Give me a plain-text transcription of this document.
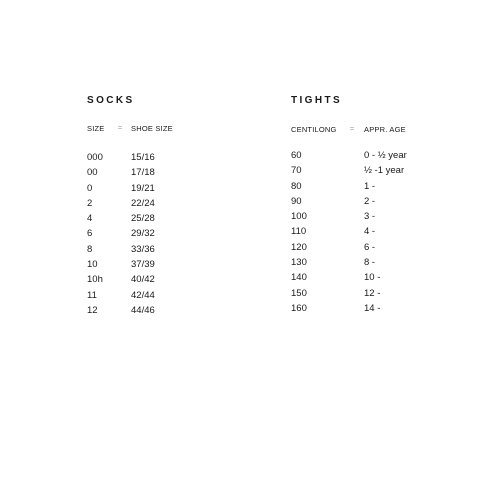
SOCKS
SIZE = SHOE SIZE
000	15/16
00	17/18
0	19/21
2	22/24
4	25/28
6	29/32
8	33/36
10	37/39
10h	40/42
11	42/44
12	44/46
TIGHTS
CENTILONG = APPR. AGE
60	0 - ½ year
70	½ -1 year
80	1 -
90	2 -
100	3 -
110	4 -
120	6 -
130	8 -
140	10 -
150	12 -
160	14 -
